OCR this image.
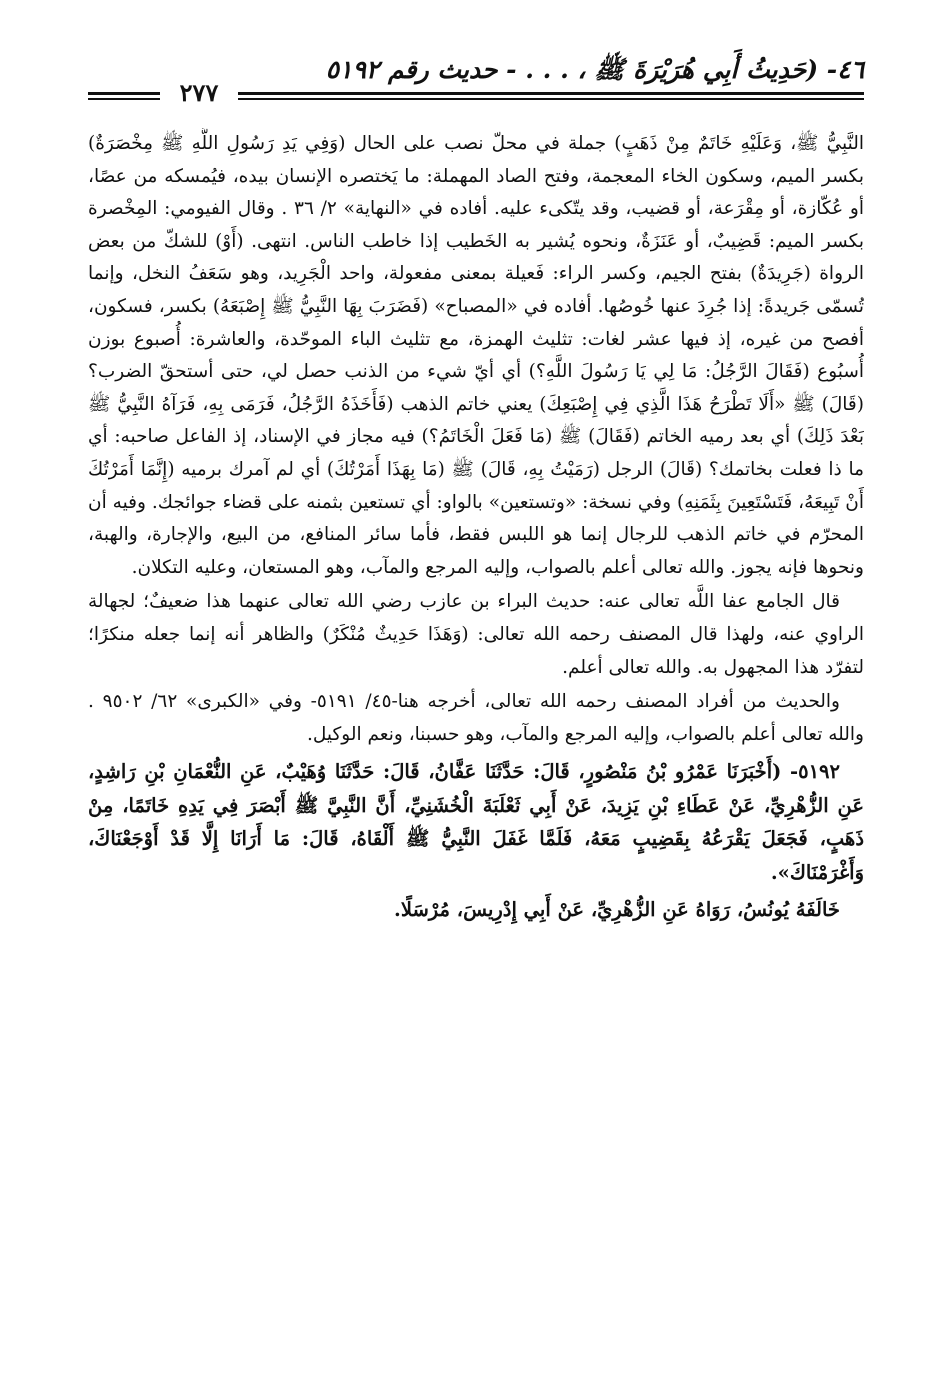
٤٦- (حَدِيثُ أَبِي هُرَيْرَةَ ﷺ ، . . . - حديث رقم ٥١٩٢
٢٧٧

النَّبِيُّ ﷺ، وَعَلَيْهِ خَاتَمٌ مِنْ ذَهَبٍ) جملة في محلّ نصب على الحال (وَفِي يَدِ رَسُولِ اللَّهِ ﷺ مِخْصَرَةٌ) بكسر الميم، وسكون الخاء المعجمة، وفتح الصاد المهملة: ما يَختصره الإنسان بيده، فيُمسكه من عصًا، أو عُكّازة، أو مِقْرَعة، أو قضيب، وقد يتّكىء عليه. أفاده في «النهاية» ٢/ ٣٦ . وقال الفيومي: المِخْصرة بكسر الميم: قَضِيبٌ، أو عَنَزَةٌ، ونحوه يُشير به الخَطيب إذا خاطب الناس. انتهى. (أَوْ) للشكّ من بعض الرواة (جَرِيدَةٌ) بفتح الجيم، وكسر الراء: فَعيلة بمعنى مفعولة، واحد الْجَرِيد، وهو سَعَفُ النخل، وإنما تُسمّى جَريدةً: إذا جُرِدَ عنها خُوصُها. أفاده في «المصباح» (فَضَرَبَ بِهَا النَّبِيُّ ﷺ إِصْبَعَهُ) بكسر، فسكون، أفصح من غيره، إذ فيها عشر لغات: تثليث الهمزة، مع تثليث الباء الموحّدة، والعاشرة: أُصبوع بوزن أُسبُوع (فَقَالَ الرَّجُلُ: مَا لِي يَا رَسُولَ اللَّهِ؟) أي أيّ شيء من الذنب حصل لي، حتى أستحقّ الضرب؟ (قَالَ) ﷺ «أَلَا تَطْرَحُ هَذَا الَّذِي فِي إِصْبَعِكَ) يعني خاتم الذهب (فَأَخَذَهُ الرَّجُلُ، فَرَمَى بِهِ، فَرَآهُ النَّبِيُّ ﷺ بَعْدَ ذَلِكَ) أي بعد رميه الخاتم (فَقَالَ) ﷺ (مَا فَعَلَ الْخَاتَمُ؟) فيه مجاز في الإسناد، إذ الفاعل صاحبه: أي ما ذا فعلت بخاتمك؟ (قَالَ) الرجل (رَمَيْتُ بِهِ، قَالَ) ﷺ (مَا بِهَذَا أَمَرْتُكَ) أي لم آمرك برميه (إِنَّمَا أَمَرْتُكَ أَنْ تَبِيعَهُ، فَتَسْتَعِينَ بِثَمَنِهِ) وفي نسخة: «وتستعين» بالواو: أي تستعين بثمنه على قضاء جوائجك. وفيه أن المحرّم في خاتم الذهب للرجال إنما هو اللبس فقط، فأما سائر المنافع، من البيع، والإجارة، والهبة، ونحوها فإنه يجوز. والله تعالى أعلم بالصواب، وإليه المرجع والمآب، وهو المستعان، وعليه التكلان.

قال الجامع عفا اللَّه تعالى عنه: حديث البراء بن عازب رضي الله تعالى عنهما هذا ضعيفٌ؛ لجهالة الراوي عنه، ولهذا قال المصنف رحمه الله تعالى: (وَهَذَا حَدِيثٌ مُنْكَرٌ) والظاهر أنه إنما جعله منكرًا؛ لتفرّد هذا المجهول به. والله تعالى أعلم.

والحديث من أفراد المصنف رحمه الله تعالى، أخرجه هنا-٤٥/ ٥١٩١- وفي «الكبرى» ٦٢/ ٩٥٠٢ . والله تعالى أعلم بالصواب، وإليه المرجع والمآب، وهو حسبنا، ونعم الوكيل.

٥١٩٢- (أَخْبَرَنَا عَمْرُو بْنُ مَنْصُورٍ، قَالَ: حَدَّثَنَا عَفَّانُ، قَالَ: حَدَّثَنَا وُهَيْبٌ، عَنِ النُّعْمَانِ بْنِ رَاشِدٍ، عَنِ الزُّهْرِيِّ، عَنْ عَطَاءِ بْنِ يَزِيدَ، عَنْ أَبِي ثَعْلَبَةَ الْخُشَنِيِّ، أَنَّ النَّبِيَّ ﷺ أَبْصَرَ فِي يَدِهِ خَاتَمًا، مِنْ ذَهَبٍ، فَجَعَلَ يَقْرَعُهُ بِقَضِيبٍ مَعَهُ، فَلَمَّا غَفَلَ النَّبِيُّ ﷺ أَلْقَاهُ، قَالَ: مَا أَرَانَا إِلَّا قَدْ أَوْجَعْنَاكَ، وَأَغْرَمْنَاكَ».

خَالَفَهُ يُونُسُ، رَوَاهُ عَنِ الزُّهْرِيِّ، عَنْ أَبِي إِدْرِيسَ، مُرْسَلًا.
